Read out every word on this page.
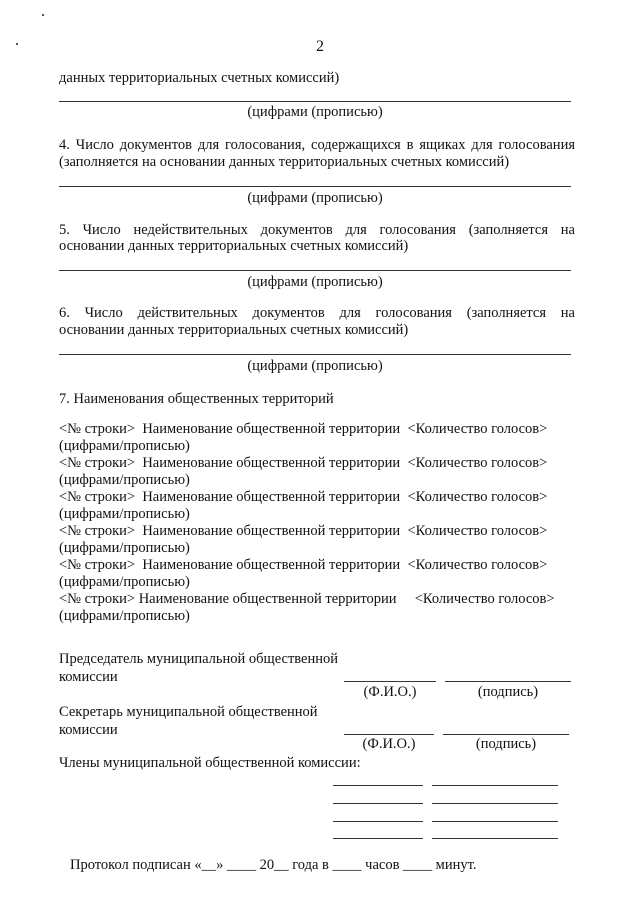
2
данных территориальных счетных комиссий)
(цифрами (прописью)
4. Число документов для голосования, содержащихся в ящиках для голосования
(заполняется на основании данных территориальных счетных комиссий)
(цифрами (прописью)
5. Число недействительных документов для голосования (заполняется на
основании данных территориальных счетных комиссий)
(цифрами (прописью)
6. Число действительных документов для голосования (заполняется на
основании данных территориальных счетных комиссий)
(цифрами (прописью)
7. Наименования общественных территорий
<№ строки>  Наименование общественной территории  <Количество голосов>
(цифрами/прописью)
<№ строки>  Наименование общественной территории  <Количество голосов>
(цифрами/прописью)
<№ строки>  Наименование общественной территории  <Количество голосов>
(цифрами/прописью)
<№ строки>  Наименование общественной территории  <Количество голосов>
(цифрами/прописью)
<№ строки>  Наименование общественной территории  <Количество голосов>
(цифрами/прописью)
<№ строки> Наименование общественной территории     <Количество голосов>
(цифрами/прописью)
Председатель муниципальной общественной
комиссии
(Ф.И.О.)	(подпись)
Секретарь муниципальной общественной
комиссии
(Ф.И.О.)	(подпись)
Члены муниципальной общественной комиссии:
Протокол подписан «__» ____ 20__ года в ____ часов ____ минут.
